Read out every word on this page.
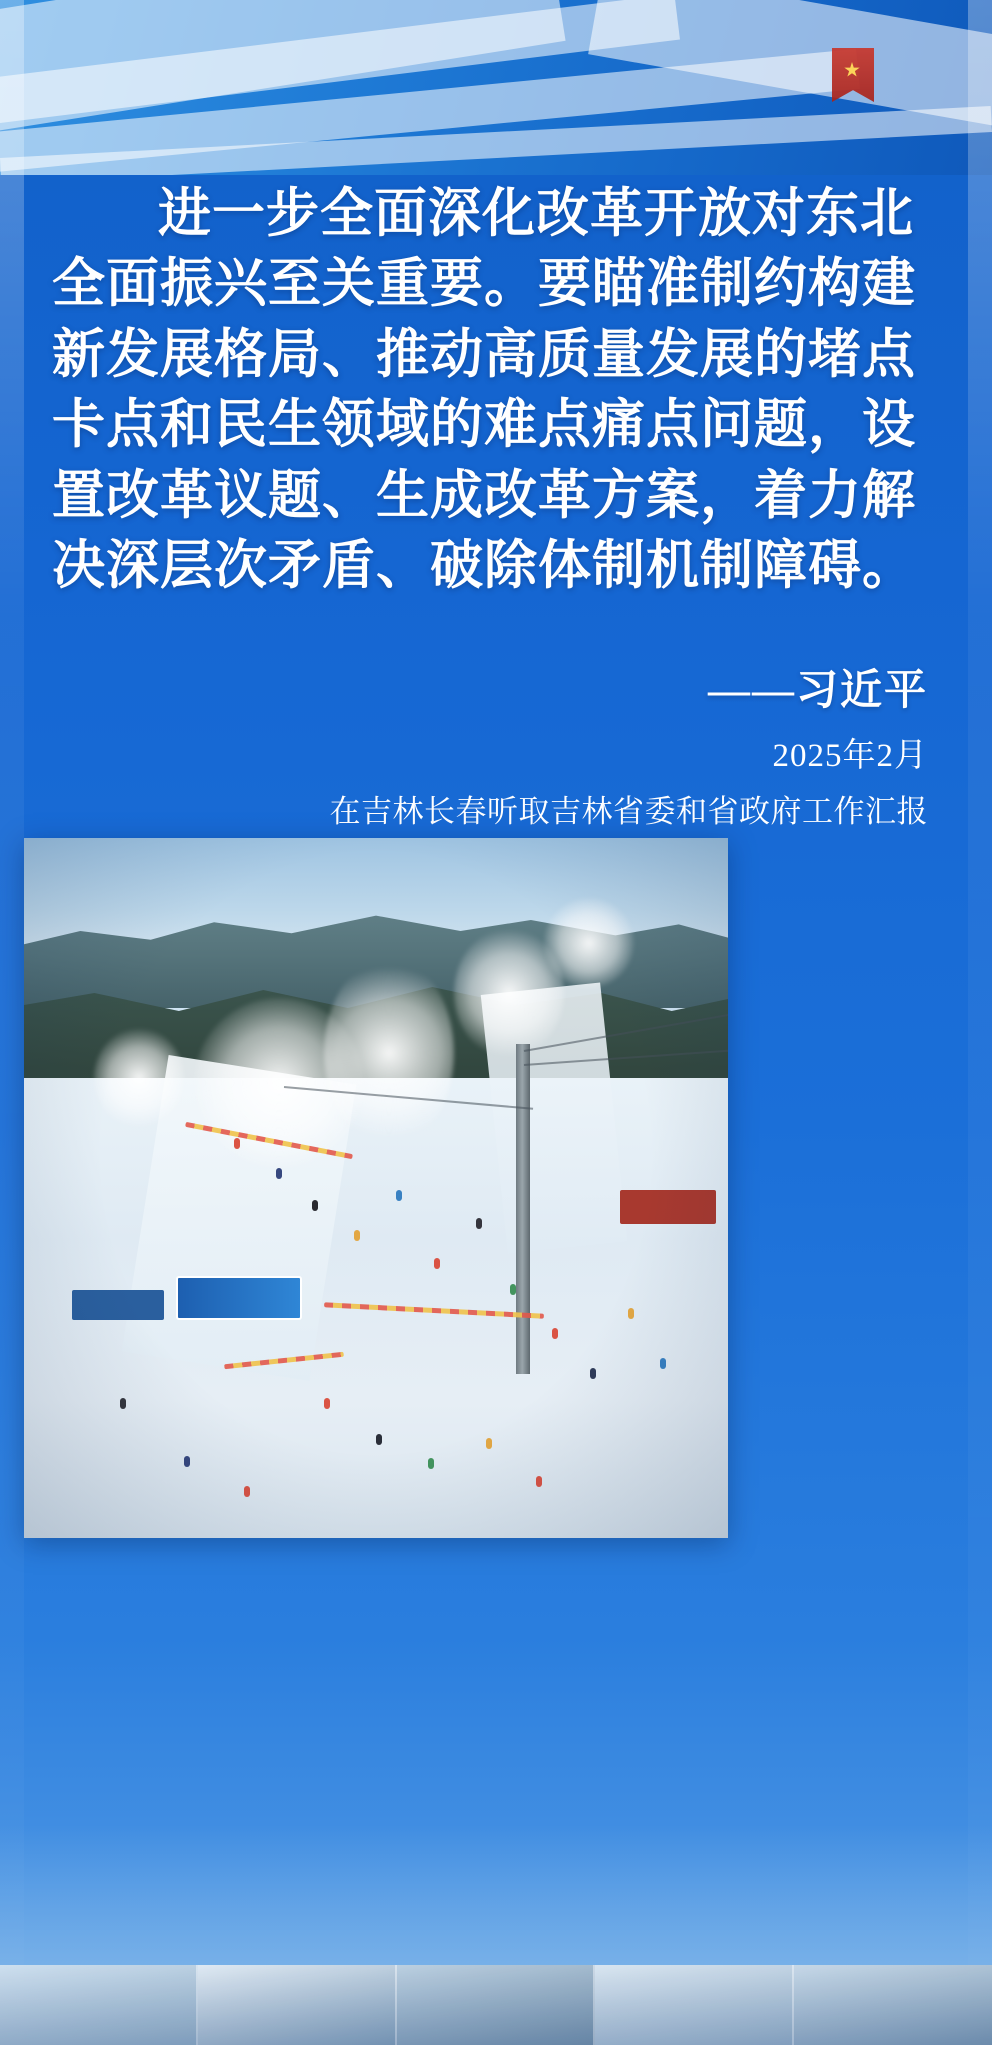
进一步全面深化改革开放对东北全面振兴至关重要。要瞄准制约构建新发展格局、推动高质量发展的堵点卡点和民生领域的难点痛点问题，设置改革议题、生成改革方案，着力解决深层次矛盾、破除体制机制障碍。
——习近平
2025年2月
在吉林长春听取吉林省委和省政府工作汇报
